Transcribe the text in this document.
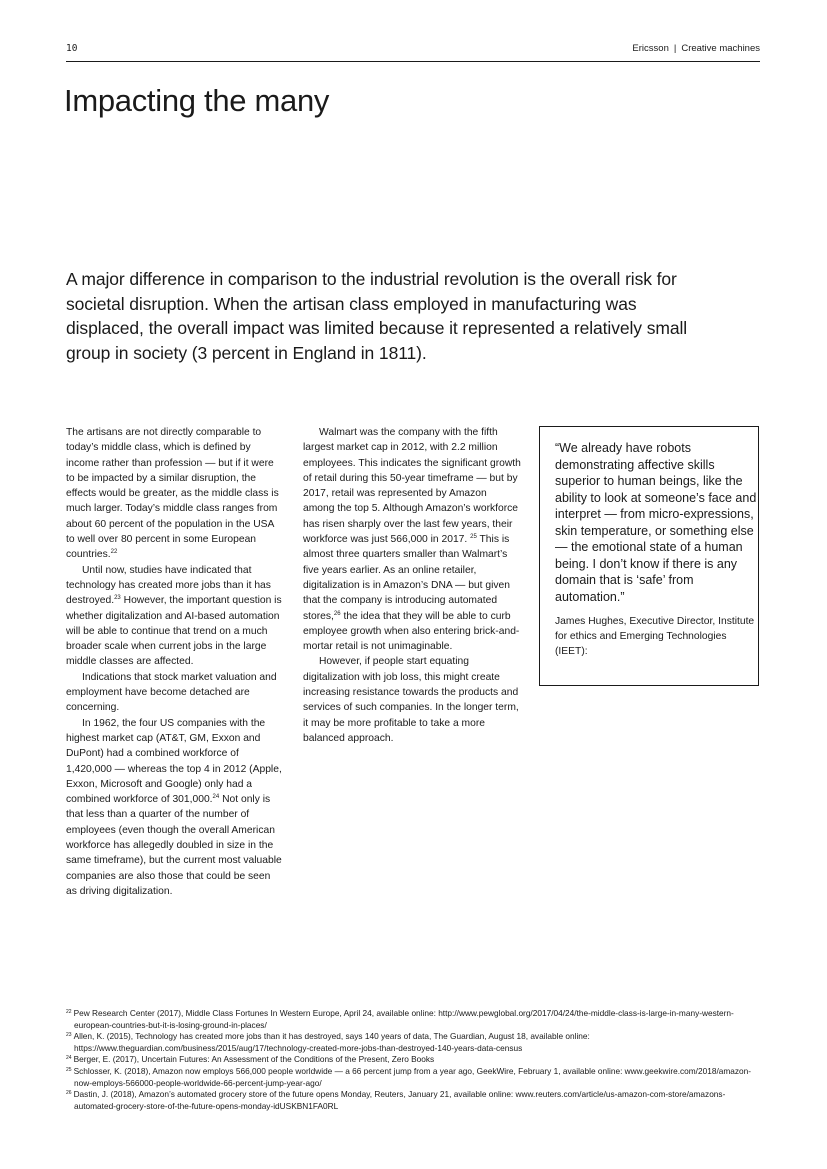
10	Ericsson | Creative machines
Impacting the many

A major difference in comparison to the industrial revolution is the overall risk for societal disruption. When the artisan class employed in manufacturing was displaced, the overall impact was limited because it represented a relatively small group in society (3 percent in England in 1811).

The artisans are not directly comparable to today’s middle class, which is defined by income rather than profession — but if it were to be impacted by a similar disruption, the effects would be greater, as the middle class is much larger. Today’s middle class ranges from about 60 percent of the population in the USA to well over 80 percent in some European countries.$^{22}$

Until now, studies have indicated that technology has created more jobs than it has destroyed.$^{23}$ However, the important question is whether digitalization and AI-based automation will be able to continue that trend on a much broader scale when current jobs in the large middle classes are affected.

Indications that stock market valuation and employment have become detached are concerning.

In 1962, the four US companies with the highest market cap (AT&T, GM, Exxon and DuPont) had a combined workforce of 1,420,000 — whereas the top 4 in 2012 (Apple, Exxon, Microsoft and Google) only had a combined workforce of 301,000.24 Not only is that less than a quarter of the number of employees (even though the overall American workforce has allegedly doubled in size in the same timeframe), but the current most valuable companies are also those that could be seen as driving digitalization.

Walmart was the company with the fifth largest market cap in 2012, with 2.2 million employees. This indicates the significant growth of retail during this 50-year timeframe — but by 2017, retail was represented by Amazon among the top 5. Although Amazon’s workforce has risen sharply over the last few years, their workforce was just 566,000 in 2017. $^{25}$ This is almost three quarters smaller than Walmart’s five years earlier. As an online retailer, digitalization is in Amazon’s DNA — but given that the company is introducing automated stores,$^{26}$ the idea that they will be able to curb employee growth when also entering brick-and-mortar retail is not unimaginable.

However, if people start equating digitalization with job loss, this might create increasing resistance towards the products and services of such companies. In the longer term, it may be more profitable to take a more balanced approach.

“We already have robots demonstrating affective skills superior to human beings, like the ability to look at someone’s face and interpret — from micro-expressions, skin temperature, or something else — the emotional state of a human being. I don’t know if there is any domain that is ‘safe’ from automation.”

James Hughes, Executive Director, Institute for ethics and Emerging Technologies (IEET):

$^{22}$ Pew Research Center (2017), Middle Class Fortunes In Western Europe, April 24, available online: http://www.pewglobal.org/2017/04/24/the-middle-class-is-large-in-many-western-european-countries-but-it-is-losing-ground-in-places/

$^{23}$ Allen, K. (2015), Technology has created more jobs than it has destroyed, says 140 years of data, The Guardian, August 18, available online: https://www.theguardian.com/business/2015/aug/17/technology-created-more-jobs-than-destroyed-140-years-data-census

$^{24}$ Berger, E. (2017), Uncertain Futures: An Assessment of the Conditions of the Present, Zero Books

$^{25}$ Schlosser, K. (2018), Amazon now employs 566,000 people worldwide — a 66 percent jump from a year ago, GeekWire, February 1, available online: www.geekwire.com/2018/amazon-now-employs-566000-people-worldwide-66-percent-jump-year-ago/

$^{26}$ Dastin, J. (2018), Amazon’s automated grocery store of the future opens Monday, Reuters, January 21, available online: www.reuters.com/article/us-amazon-com-store/amazons-automated-grocery-store-of-the-future-opens-monday-idUSKBN1FA0RL
